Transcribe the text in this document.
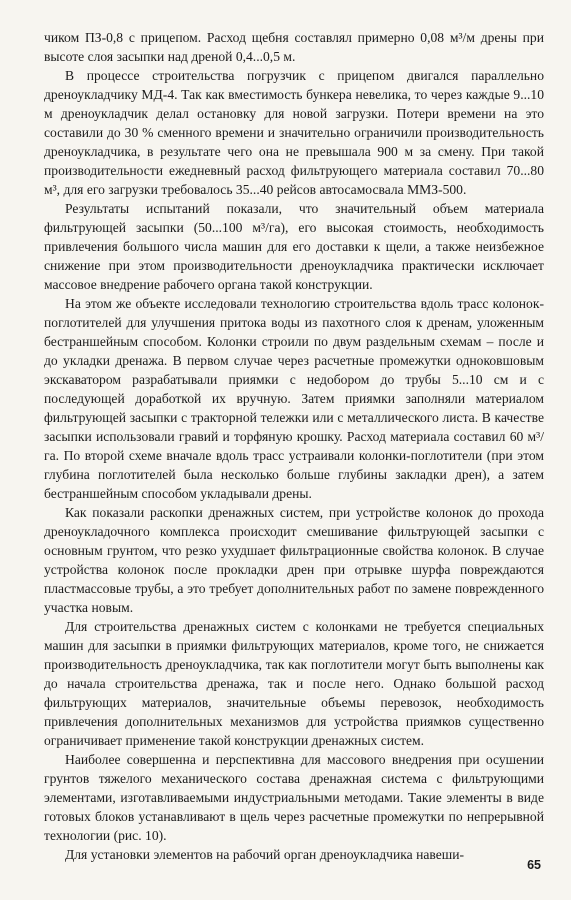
чиком ПЗ-0,8 с прицепом. Расход щебня составлял примерно 0,08 м³/м дрены при высоте слоя засыпки над дреной 0,4...0,5 м.

В процессе строительства погрузчик с прицепом двигался параллельно дреноукладчику МД-4. Так как вместимость бункера невелика, то через каждые 9...10 м дреноукладчик делал остановку для новой загрузки. Потери времени на это составили до 30 % сменного времени и значительно ограничили производительность дреноукладчика, в результате чего она не превышала 900 м за смену. При такой производительности ежедневный расход фильтрующего материала составил 70...80 м³, для его загрузки требовалось 35...40 рейсов автосамосвала ММЗ-500.

Результаты испытаний показали, что значительный объем материала фильтрующей засыпки (50...100 м³/га), его высокая стоимость, необходимость привлечения большого числа машин для его доставки к щели, а также неизбежное снижение при этом производительности дреноукладчика практически исключает массовое внедрение рабочего органа такой конструкции.

На этом же объекте исследовали технологию строительства вдоль трасс колонок-поглотителей для улучшения притока воды из пахотного слоя к дренам, уложенным бестраншейным способом. Колонки строили по двум раздельным схемам – после и до укладки дренажа. В первом случае через расчетные промежутки одноковшовым экскаватором разрабатывали приямки с недобором до трубы 5...10 см и с последующей доработкой их вручную. Затем приямки заполняли материалом фильтрующей засыпки с тракторной тележки или с металлического листа. В качестве засыпки использовали гравий и торфяную крошку. Расход материала составил 60 м³/га. По второй схеме вначале вдоль трасс устраивали колонки-поглотители (при этом глубина поглотителей была несколько больше глубины закладки дрен), а затем бестраншейным способом укладывали дрены.

Как показали раскопки дренажных систем, при устройстве колонок до прохода дреноукладочного комплекса происходит смешивание фильтрующей засыпки с основным грунтом, что резко ухудшает фильтрационные свойства колонок. В случае устройства колонок после прокладки дрен при отрывке шурфа повреждаются пластмассовые трубы, а это требует дополнительных работ по замене поврежденного участка новым.

Для строительства дренажных систем с колонками не требуется специальных машин для засыпки в приямки фильтрующих материалов, кроме того, не снижается производительность дреноукладчика, так как поглотители могут быть выполнены как до начала строительства дренажа, так и после него. Однако большой расход фильтрующих материалов, значительные объемы перевозок, необходимость привлечения дополнительных механизмов для устройства приямков существенно ограничивает применение такой конструкции дренажных систем.

Наиболее совершенна и перспективна для массового внедрения при осушении грунтов тяжелого механического состава дренажная система с фильтрующими элементами, изготавливаемыми индустриальными методами. Такие элементы в виде готовых блоков устанавливают в щель через расчетные промежутки по непрерывной технологии (рис. 10).

Для установки элементов на рабочий орган дреноукладчика навеши-

65
